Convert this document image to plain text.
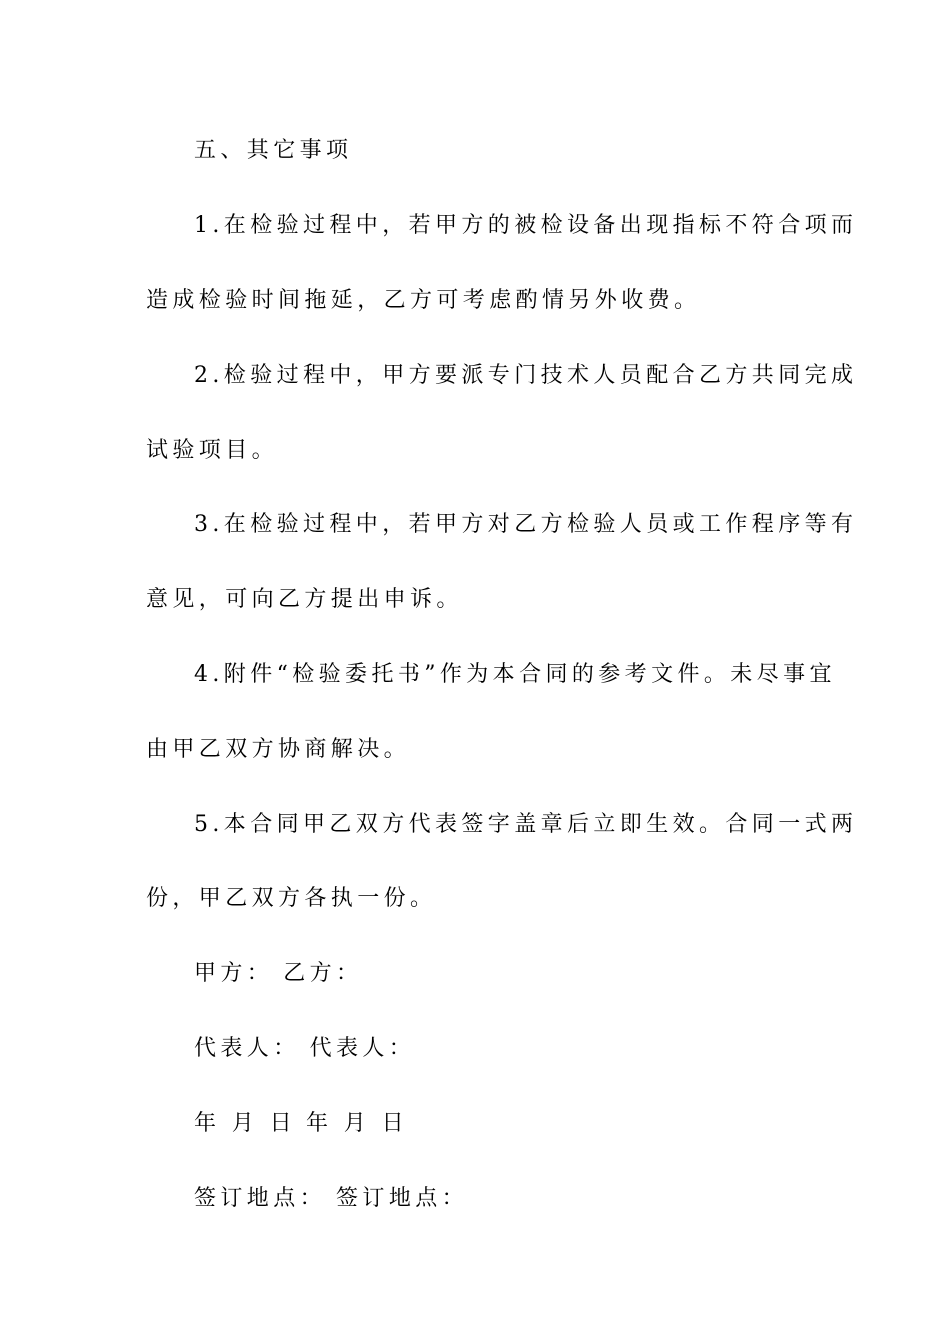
五、其它事项
1.在检验过程中，若甲方的被检设备出现指标不符合项而
造成检验时间拖延，乙方可考虑酌情另外收费。
2.检验过程中，甲方要派专门技术人员配合乙方共同完成
试验项目。
3.在检验过程中，若甲方对乙方检验人员或工作程序等有
意见，可向乙方提出申诉。
4.附件“检验委托书”作为本合同的参考文件。未尽事宜
由甲乙双方协商解决。
5.本合同甲乙双方代表签字盖章后立即生效。合同一式两
份，甲乙双方各执一份。
甲方： 乙方：
代表人： 代表人：
年 月 日 年 月 日
签订地点： 签订地点：
